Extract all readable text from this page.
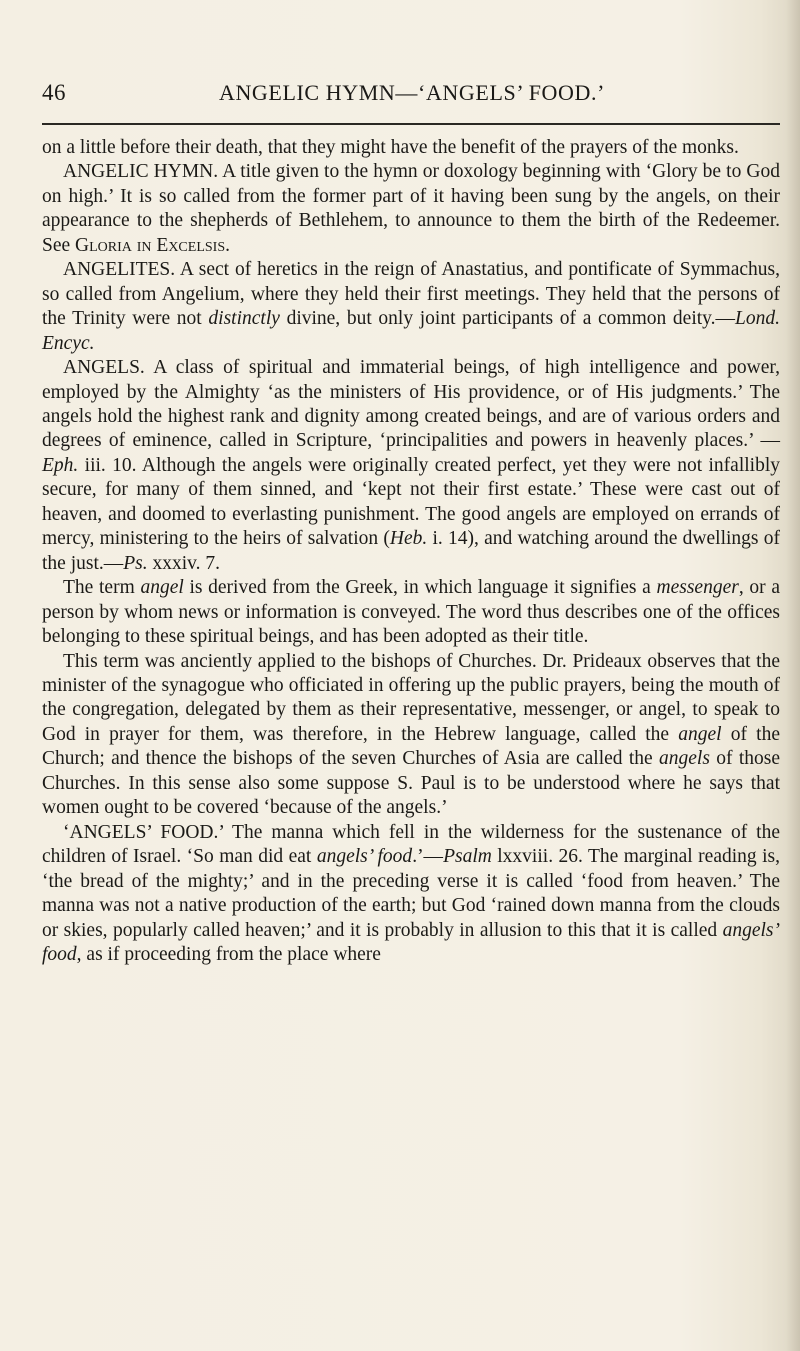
46	ANGELIC HYMN—‘ANGELS’ FOOD.’

on a little before their death, that they might have the benefit of the prayers of the monks.

ANGELIC HYMN. A title given to the hymn or doxology beginning with ‘Glory be to God on high.’ It is so called from the former part of it having been sung by the angels, on their appearance to the shepherds of Bethlehem, to announce to them the birth of the Redeemer. See Gloria in Excelsis.

ANGELITES. A sect of heretics in the reign of Anastatius, and pontificate of Symmachus, so called from Angelium, where they held their first meetings. They held that the persons of the Trinity were not distinctly divine, but only joint participants of a common deity.—Lond. Encyc.

ANGELS. A class of spiritual and immaterial beings, of high intelligence and power, employed by the Almighty ‘as the ministers of His providence, or of His judgments.’ The angels hold the highest rank and dignity among created beings, and are of various orders and degrees of eminence, called in Scripture, ‘principalities and powers in heavenly places.’ —Eph. iii. 10. Although the angels were originally created perfect, yet they were not infallibly secure, for many of them sinned, and ‘kept not their first estate.’ These were cast out of heaven, and doomed to everlasting punishment. The good angels are employed on errands of mercy, ministering to the heirs of salvation (Heb. i. 14), and watching around the dwellings of the just.—Ps. xxxiv. 7.

The term angel is derived from the Greek, in which language it signifies a messenger, or a person by whom news or information is conveyed. The word thus describes one of the offices belonging to these spiritual beings, and has been adopted as their title.

This term was anciently applied to the bishops of Churches. Dr. Prideaux observes that the minister of the synagogue who officiated in offering up the public prayers, being the mouth of the congregation, delegated by them as their representative, messenger, or angel, to speak to God in prayer for them, was therefore, in the Hebrew language, called the angel of the Church; and thence the bishops of the seven Churches of Asia are called the angels of those Churches. In this sense also some suppose S. Paul is to be understood where he says that women ought to be covered ‘because of the angels.’

‘ANGELS’ FOOD.’ The manna which fell in the wilderness for the sustenance of the children of Israel. ‘So man did eat angels’ food.’—Psalm lxxviii. 26. The marginal reading is, ‘the bread of the mighty;’ and in the preceding verse it is called ‘food from heaven.’ The manna was not a native production of the earth; but God ‘rained down manna from the clouds or skies, popularly called heaven;’ and it is probably in allusion to this that it is called angels’ food, as if proceeding from the place where
